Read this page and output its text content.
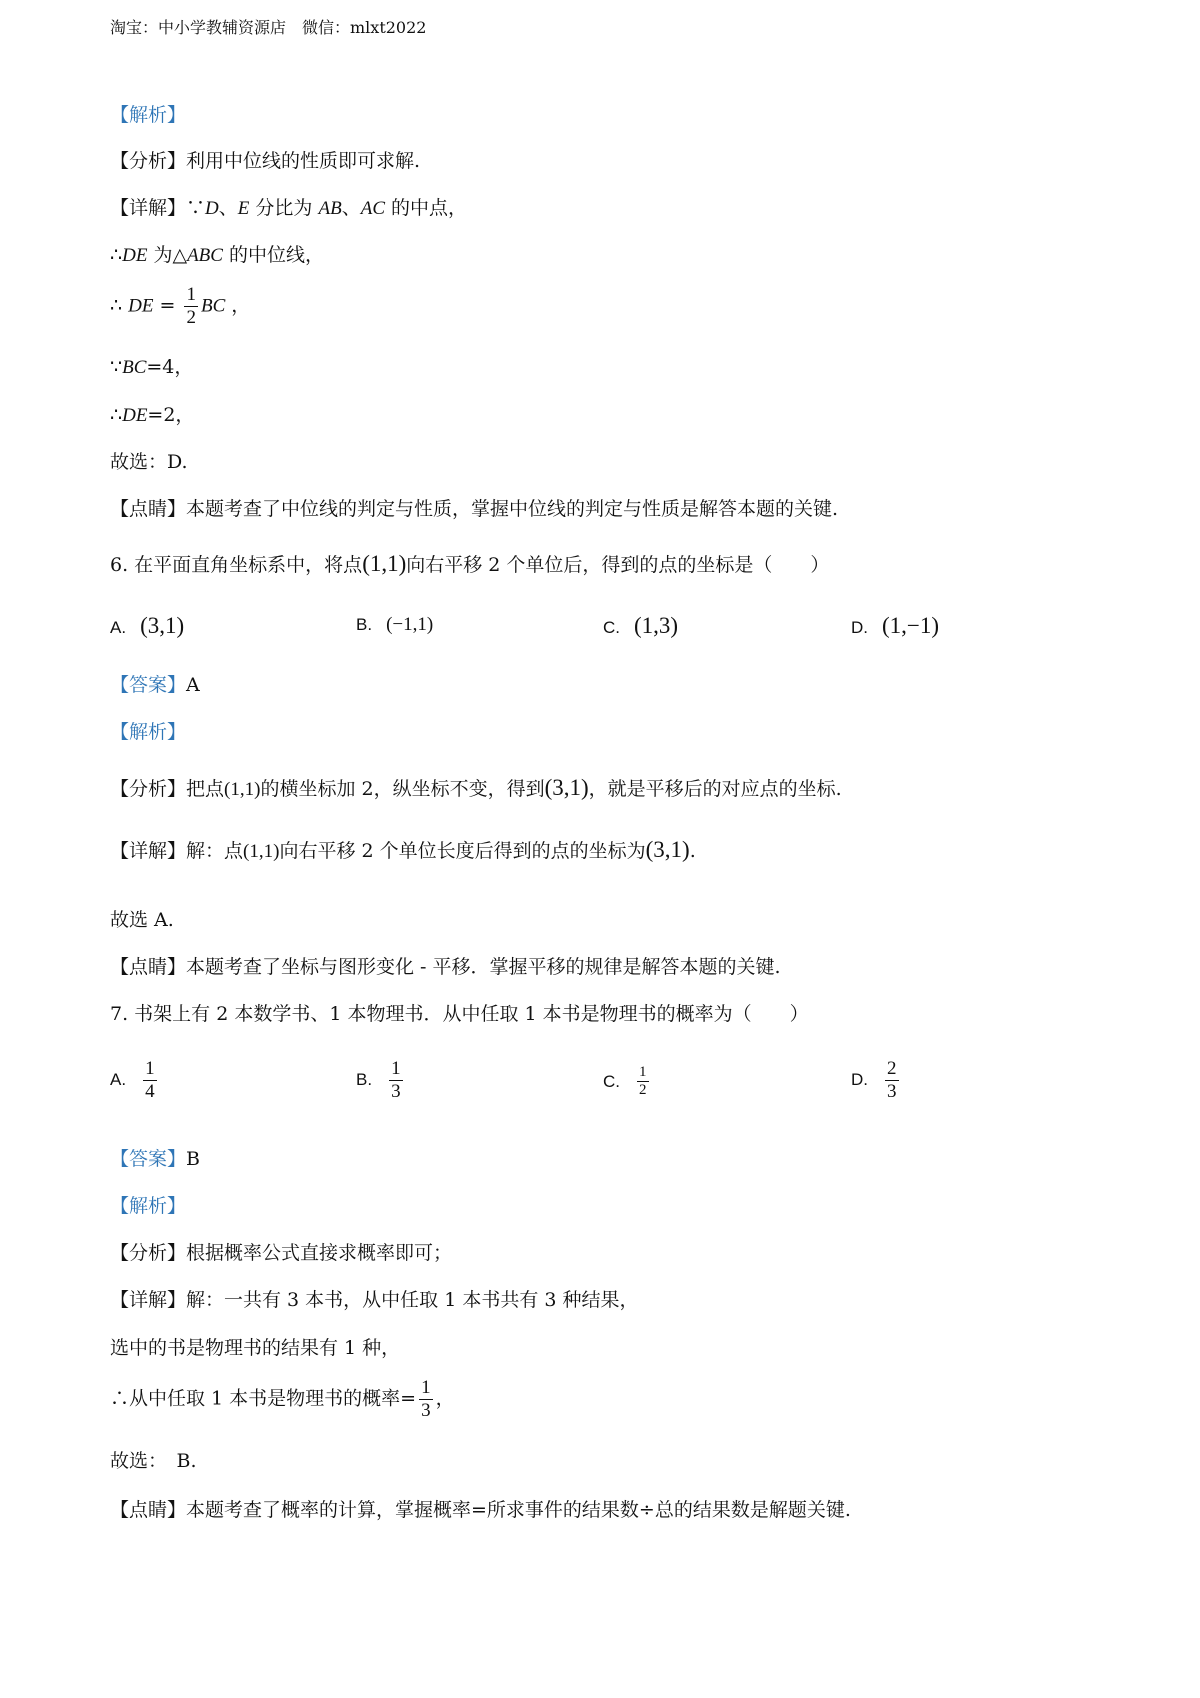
淘宝：中小学教辅资源店　微信：mlxt2022
【解析】
【分析】利用中位线的性质即可求解.
【详解】∵D、E 分比为 AB、AC 的中点，
∴DE 为△ABC 的中位线，
∴ DE = $\frac{1}{2}$ BC ，
∵BC=4，
∴DE=2，
故选：D.
【点睛】本题考查了中位线的判定与性质，掌握中位线的判定与性质是解答本题的关键.
6. 在平面直角坐标系中，将点(1,1)向右平移 2 个单位后，得到的点的坐标是（　　）
A. (3,1)	B. (−1,1)	C. (1,3)	D. (1,−1)
【答案】A
【解析】
【分析】把点(1,1)的横坐标加 2，纵坐标不变，得到(3,1)，就是平移后的对应点的坐标.
【详解】解：点(1,1)向右平移 2 个单位长度后得到的点的坐标为(3,1).
故选 A.
【点睛】本题考查了坐标与图形变化 - 平移．掌握平移的规律是解答本题的关键.
7. 书架上有 2 本数学书、1 本物理书．从中任取 1 本书是物理书的概率为（　　）
A. $\frac{1}{4}$	B. $\frac{1}{3}$	C. $\frac{1}{2}$	D. $\frac{2}{3}$
【答案】B
【解析】
【分析】根据概率公式直接求概率即可；
【详解】解：一共有 3 本书，从中任取 1 本书共有 3 种结果，
选中的书是物理书的结果有 1 种，
∴从中任取 1 本书是物理书的概率= $\frac{1}{3}$ ，
故选：　B.
【点睛】本题考查了概率的计算，掌握概率=所求事件的结果数÷总的结果数是解题关键.
